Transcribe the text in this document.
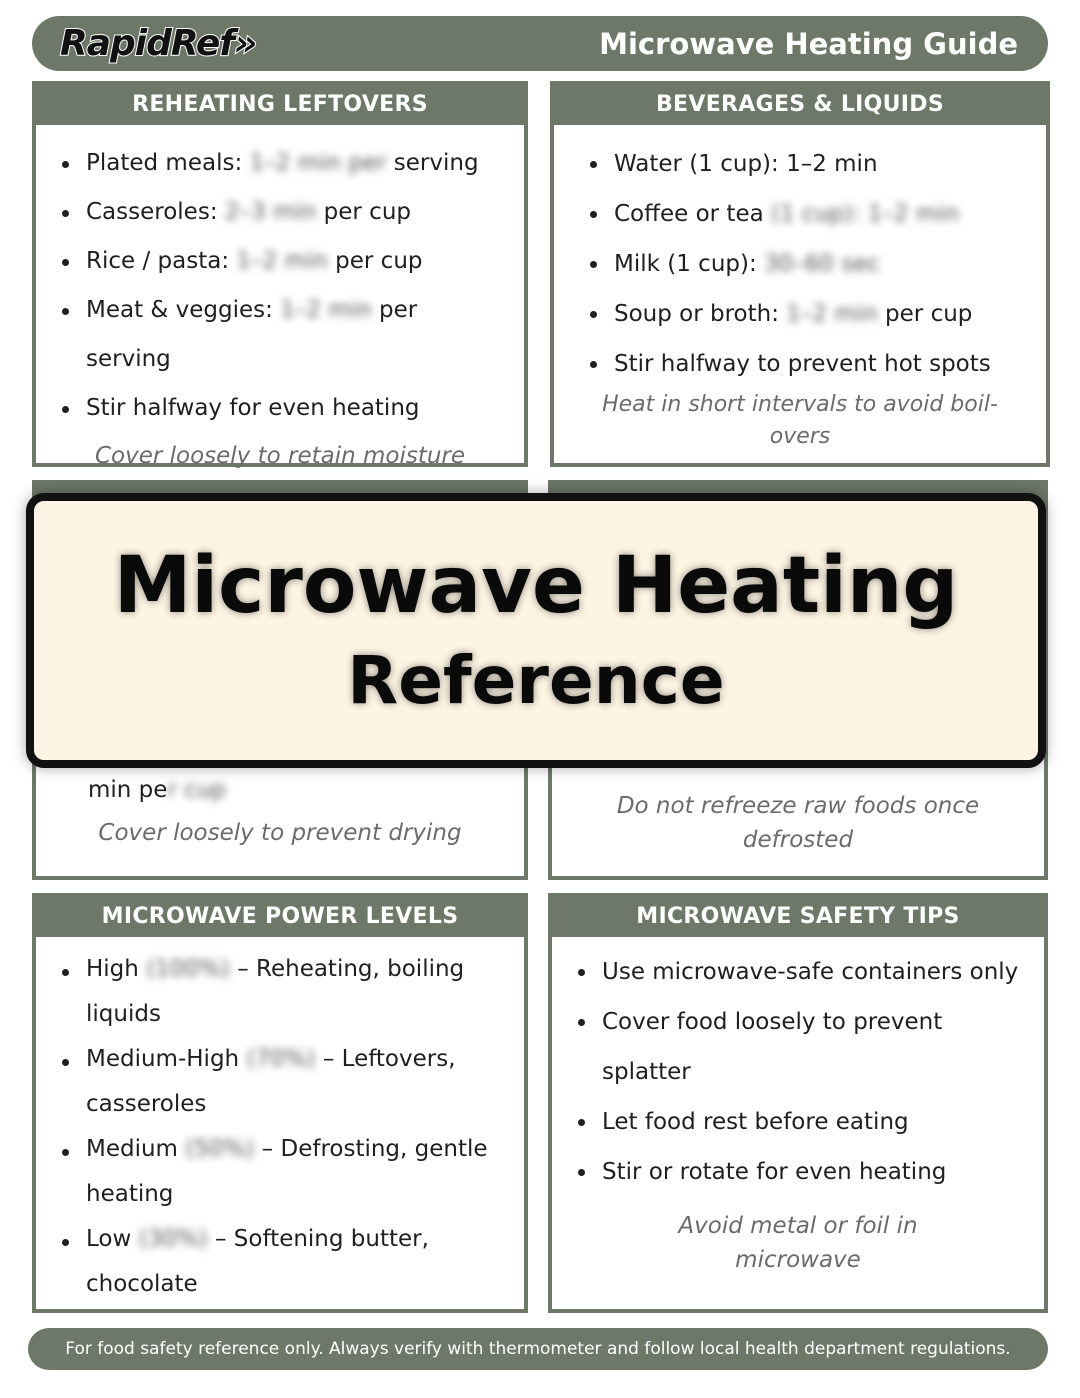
RapidRef»	Microwave Heating Guide
REHEATING LEFTOVERS
Plated meals: 1–2 min per serving
Casseroles: 2–3 min per cup
Rice / pasta: 1–2 min per cup
Meat & veggies: 1–2 min per serving
Stir halfway for even heating
Cover loosely to retain moisture
BEVERAGES & LIQUIDS
Water (1 cup): 1–2 min
Coffee or tea (1 cup): 1–2 min
Milk (1 cup): 30–60 sec
Soup or broth: 1–2 min per cup
Stir halfway to prevent hot spots
Heat in short intervals to avoid boil-overs
min per cup
Cover loosely to prevent drying
Do not refreeze raw foods once defrosted
MICROWAVE POWER LEVELS
High (100%) – Reheating, boiling liquids
Medium-High (70%) – Leftovers, casseroles
Medium (50%) – Defrosting, gentle heating
Low (30%) – Softening butter, chocolate
MICROWAVE SAFETY TIPS
Use microwave-safe containers only
Cover food loosely to prevent splatter
Let food rest before eating
Stir or rotate for even heating
Avoid metal or foil in microwave
Microwave Heating
Reference
For food safety reference only. Always verify with thermometer and follow local health department regulations.
